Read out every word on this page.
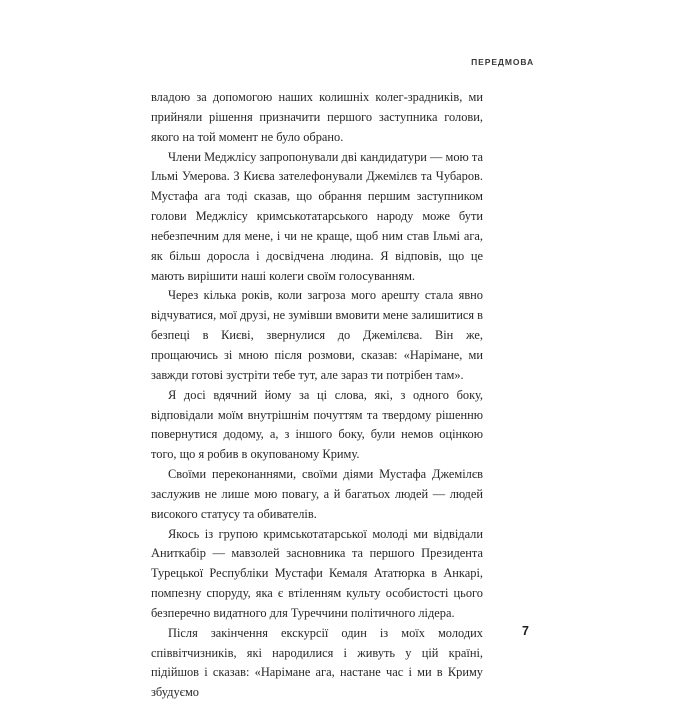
ПЕРЕДМОВА

владою за допомогою наших колишніх колег-зрадників, ми прийняли рішення призначити першого заступника голови, якого на той момент не було обрано.

Члени Меджлісу запропонували дві кандидатури — мою та Ільмі Умерова. З Києва зателефонували Джемілєв та Чубаров. Мустафа ага тоді сказав, що обрання першим заступником голови Меджлісу кримськотатарського народу може бути небезпечним для мене, і чи не краще, щоб ним став Ільмі ага, як більш доросла і досвідчена людина. Я відповів, що це мають вирішити наші колеги своїм голосуванням.

Через кілька років, коли загроза мого арешту стала явно відчуватися, мої друзі, не зумівши вмовити мене залишитися в безпеці в Києві, звернулися до Джемілєва. Він же, прощаючись зі мною після розмови, сказав: «Нарімане, ми завжди готові зустріти тебе тут, але зараз ти потрібен там».

Я досі вдячний йому за ці слова, які, з одного боку, відповідали моїм внутрішнім почуттям та твердому рішенню повернутися додому, а, з іншого боку, були немов оцінкою того, що я робив в окупованому Криму.

Своїми переконаннями, своїми діями Мустафа Джемілєв заслужив не лише мою повагу, а й багатьох людей — людей високого статусу та обивателів.

Якось із групою кримськотатарської молоді ми відвідали Аниткабір — мавзолей засновника та першого Президента Турецької Республіки Мустафи Кемаля Ататюрка в Анкарі, помпезну споруду, яка є втіленням культу особистості цього безперечно видатного для Туреччини політичного лідера.

Після закінчення екскурсії один із моїх молодих співвітчизників, які народилися і живуть у цій країні, підійшов і сказав: «Нарімане ага, настане час і ми в Криму збудуємо

7
